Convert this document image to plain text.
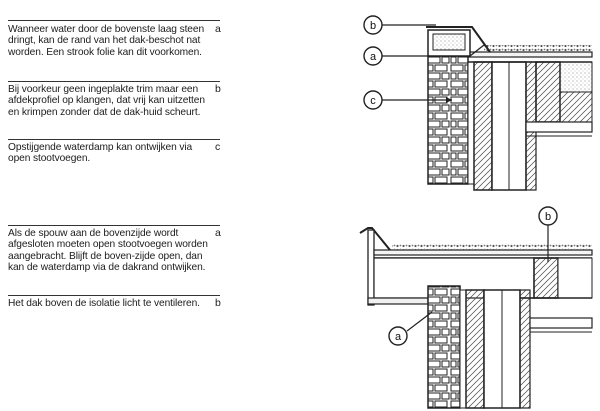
Wanneer water door de bovenste laag steen dringt, kan de rand van het dak-beschot nat worden. Een strook folie kan dit voorkomen.
a
Bij voorkeur geen ingeplakte trim maar een afdekprofiel op klangen, dat vrij kan uitzetten en krimpen zonder dat de dak-huid scheurt.
b
Opstijgende waterdamp kan ontwijken via open stootvoegen.
c
Als de spouw aan de bovenzijde wordt afgesloten moeten open stootvoegen worden aangebracht. Blijft de boven-zijde open, dan kan de waterdamp via de dakrand ontwijken.
a
Het dak boven de isolatie licht te ventileren.	b
b
a
c
b
a
